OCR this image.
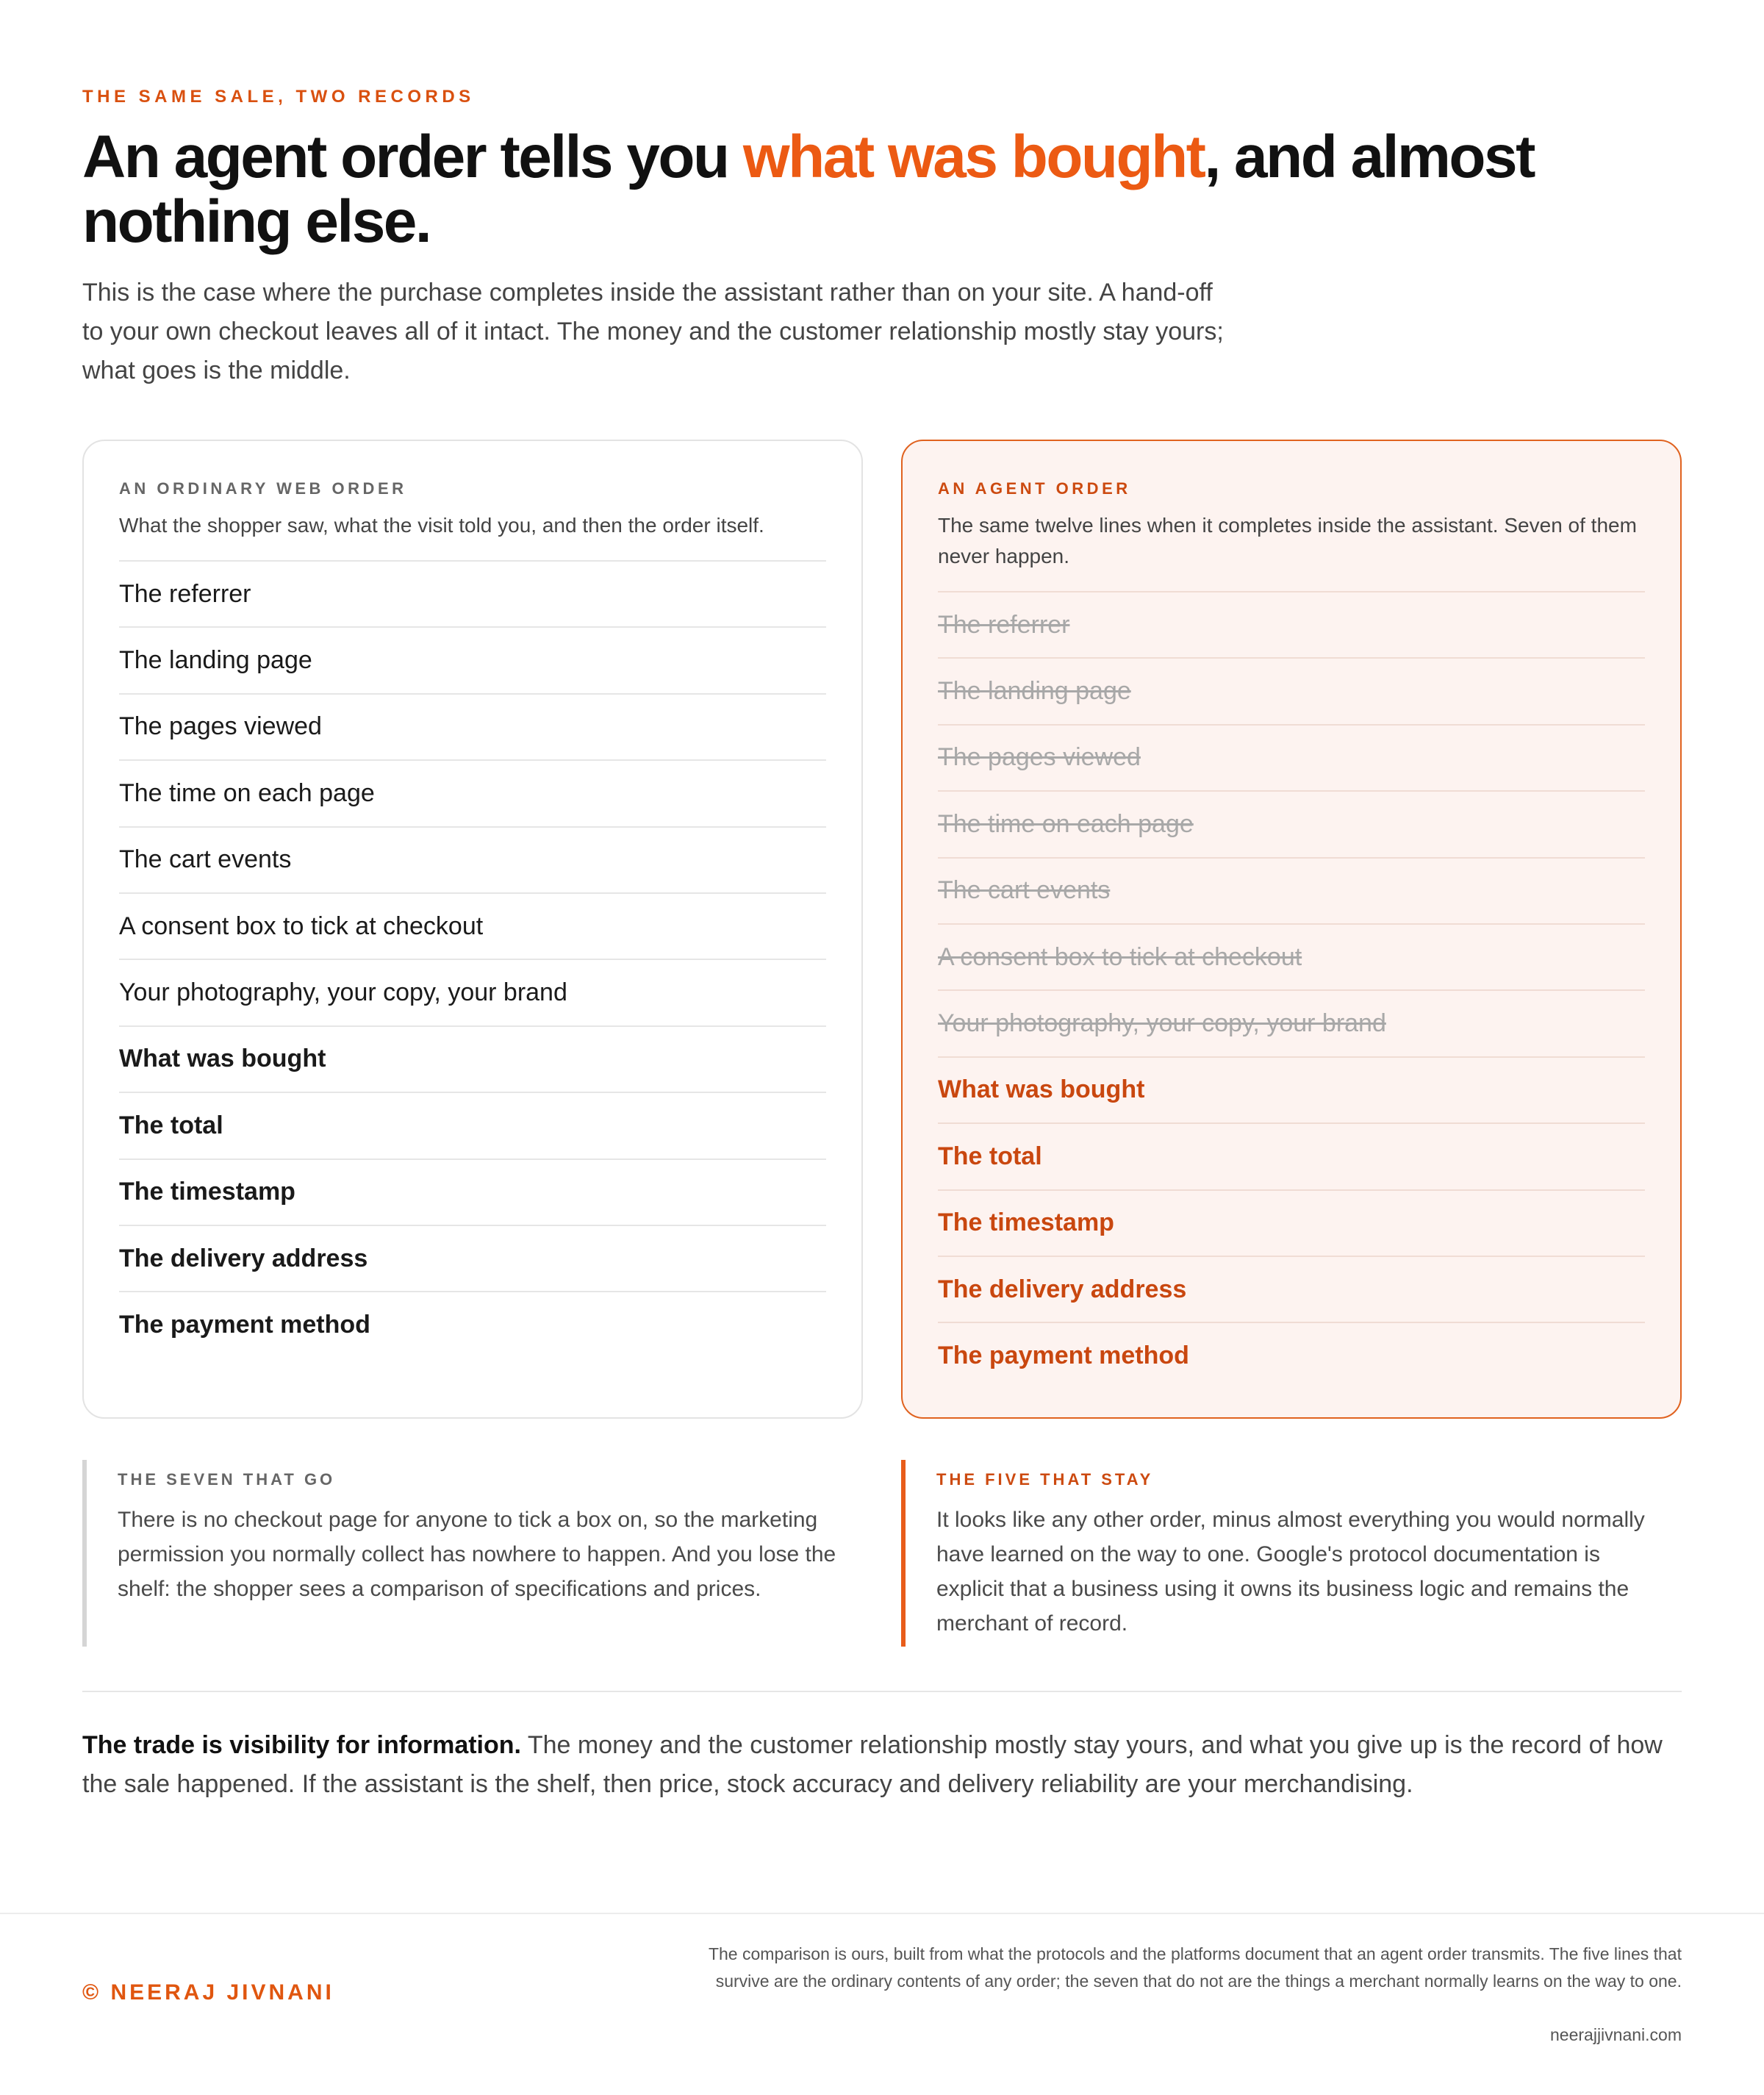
THE SAME SALE, TWO RECORDS
An agent order tells you what was bought, and almost nothing else.

This is the case where the purchase completes inside the assistant rather than on your site. A hand-off to your own checkout leaves all of it intact. The money and the customer relationship mostly stay yours; what goes is the middle.

AN ORDINARY WEB ORDER
What the shopper saw, what the visit told you, and then the order itself.
The referrer
The landing page
The pages viewed
The time on each page
The cart events
A consent box to tick at checkout
Your photography, your copy, your brand
What was bought
The total
The timestamp
The delivery address
The payment method
AN AGENT ORDER
The same twelve lines when it completes inside the assistant. Seven of them never happen.
The referrer
The landing page
The pages viewed
The time on each page
The cart events
A consent box to tick at checkout
Your photography, your copy, your brand
What was bought
The total
The timestamp
The delivery address
The payment method
THE SEVEN THAT GO

There is no checkout page for anyone to tick a box on, so the marketing permission you normally collect has nowhere to happen. And you lose the shelf: the shopper sees a comparison of specifications and prices.

THE FIVE THAT STAY

It looks like any other order, minus almost everything you would normally have learned on the way to one. Google's protocol documentation is explicit that a business using it owns its business logic and remains the merchant of record.

The trade is visibility for information. The money and the customer relationship mostly stay yours, and what you give up is the record of how the sale happened. If the assistant is the shelf, then price, stock accuracy and delivery reliability are your merchandising.

© NEERAJ JIVNANI

The comparison is ours, built from what the protocols and the platforms document that an agent order transmits. The five lines that survive are the ordinary contents of any order; the seven that do not are the things a merchant normally learns on the way to one.

neerajjivnani.com
